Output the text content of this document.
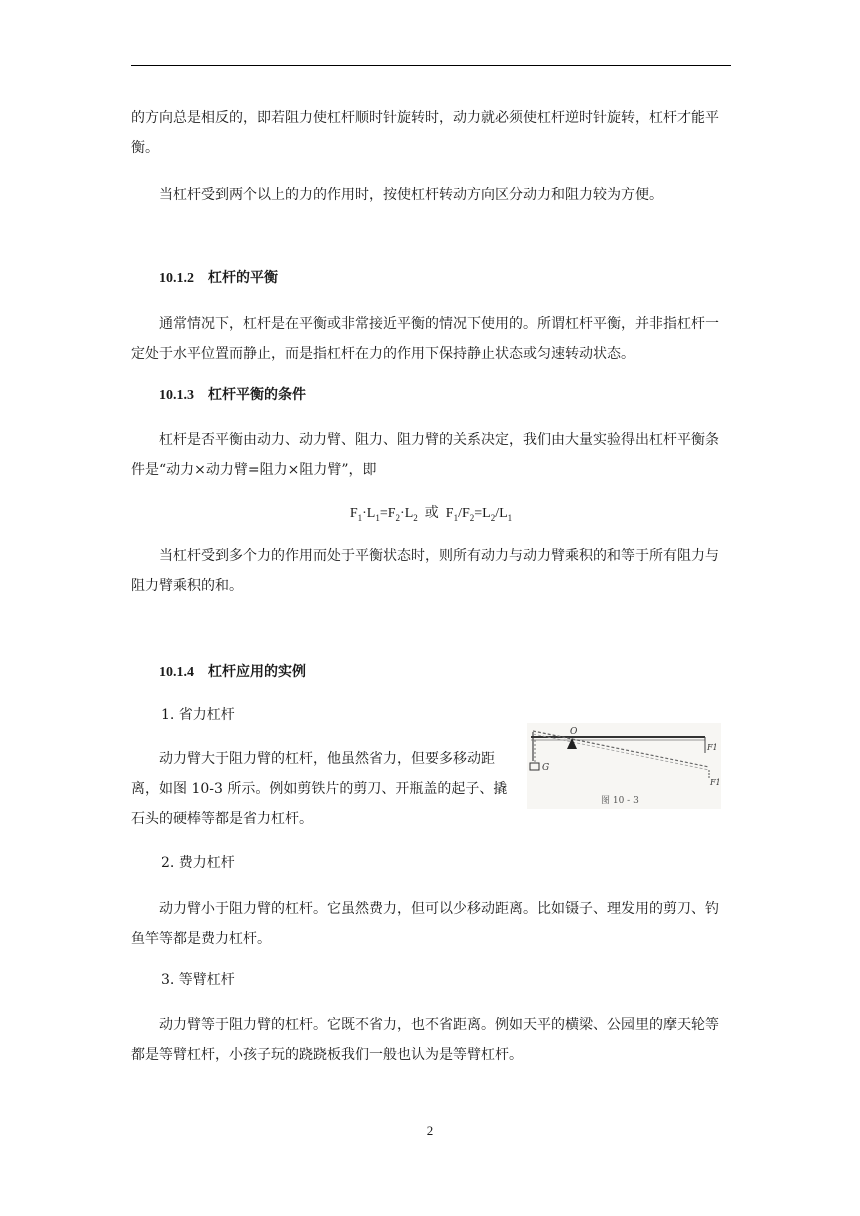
的方向总是相反的，即若阻力使杠杆顺时针旋转时，动力就必须使杠杆逆时针旋转，杠杆才能平衡。

当杠杆受到两个以上的力的作用时，按使杠杆转动方向区分动力和阻力较为方便。

10.1.2 杠杆的平衡

通常情况下，杠杆是在平衡或非常接近平衡的情况下使用的。所谓杠杆平衡，并非指杠杆一定处于水平位置而静止，而是指杠杆在力的作用下保持静止状态或匀速转动状态。

10.1.3 杠杆平衡的条件

杠杆是否平衡由动力、动力臂、阻力、阻力臂的关系决定，我们由大量实验得出杠杆平衡条件是“动力×动力臂=阻力×阻力臂”，即

$F_1\cdot L_1=F_2\cdot L_2$ 或  $F_1/F_2=L_2/L_1$

当杠杆受到多个力的作用而处于平衡状态时，则所有动力与动力臂乘积的和等于所有阻力与阻力臂乘积的和。

10.1.4 杠杆应用的实例
1. 省力杠杆

动力臂大于阻力臂的杠杆，他虽然省力，但要多移动距离，如图 10-3 所示。例如剪铁片的剪刀、开瓶盖的起子、撬石头的硬棒等都是省力杠杆。

O
G
F1
F1
图 10 - 3
2. 费力杠杆

动力臂小于阻力臂的杠杆。它虽然费力，但可以少移动距离。比如镊子、理发用的剪刀、钓鱼竿等都是费力杠杆。

3. 等臂杠杆

动力臂等于阻力臂的杠杆。它既不省力，也不省距离。例如天平的横梁、公园里的摩天轮等都是等臂杠杆，小孩子玩的跷跷板我们一般也认为是等臂杠杆。

2
